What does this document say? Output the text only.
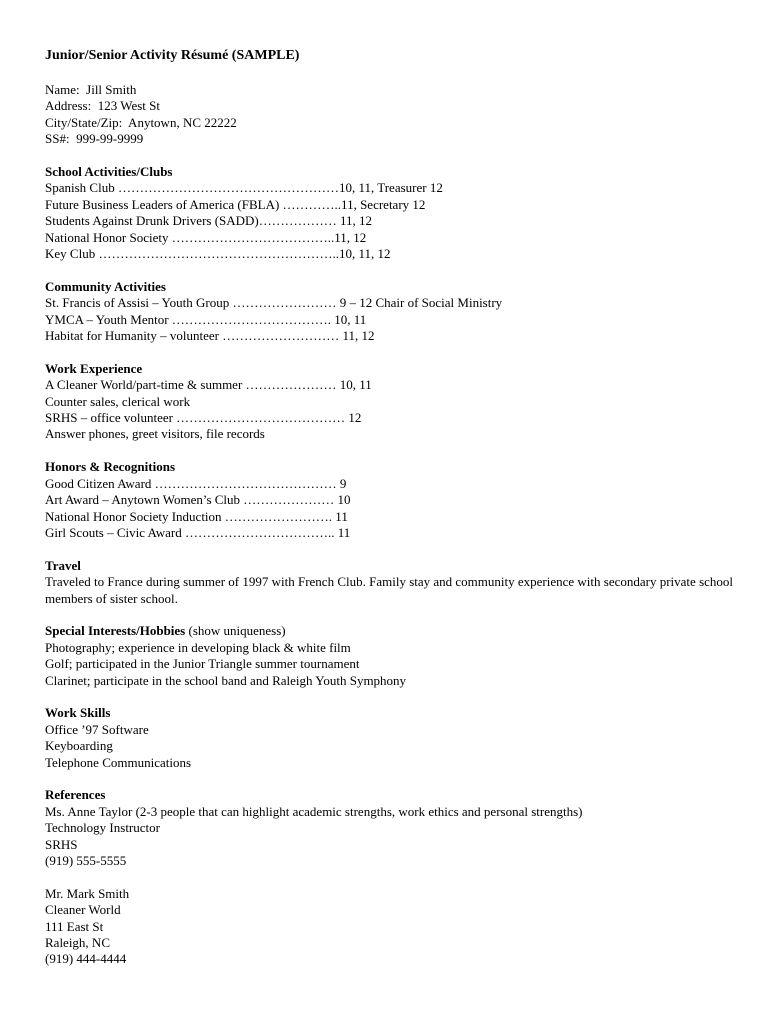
Junior/Senior Activity Résumé (SAMPLE)
Name:  Jill Smith
Address:  123 West St
City/State/Zip:  Anytown, NC 22222
SS#:  999-99-9999
School Activities/Clubs
Spanish Club ……………………………………………10, 11, Treasurer 12
Future Business Leaders of America (FBLA) …………..11, Secretary 12
Students Against Drunk Drivers (SADD)……………… 11, 12
National Honor Society ………………………………..11, 12
Key Club ………………………………………………..10, 11, 12
Community Activities
St. Francis of Assisi – Youth Group …………………… 9 – 12 Chair of Social Ministry
YMCA – Youth Mentor ………………………………. 10, 11
Habitat for Humanity – volunteer ……………………… 11, 12
Work Experience
A Cleaner World/part-time & summer ………………… 10, 11
Counter sales, clerical work
SRHS – office volunteer ………………………………… 12
Answer phones, greet visitors, file records
Honors & Recognitions
Good Citizen Award …………………………………… 9
Art Award – Anytown Women’s Club ………………… 10
National Honor Society Induction ……………………. 11
Girl Scouts – Civic Award …………………………….. 11
Travel
Traveled to France during summer of 1997 with French Club. Family stay and community experience with secondary private school members of sister school.
Special Interests/Hobbies (show uniqueness)
Photography; experience in developing black & white film
Golf; participated in the Junior Triangle summer tournament
Clarinet; participate in the school band and Raleigh Youth Symphony
Work Skills
Office ’97 Software
Keyboarding
Telephone Communications
References
Ms. Anne Taylor (2-3 people that can highlight academic strengths, work ethics and personal strengths)
Technology Instructor
SRHS
(919) 555-5555
Mr. Mark Smith
Cleaner World
111 East St
Raleigh, NC
(919) 444-4444
